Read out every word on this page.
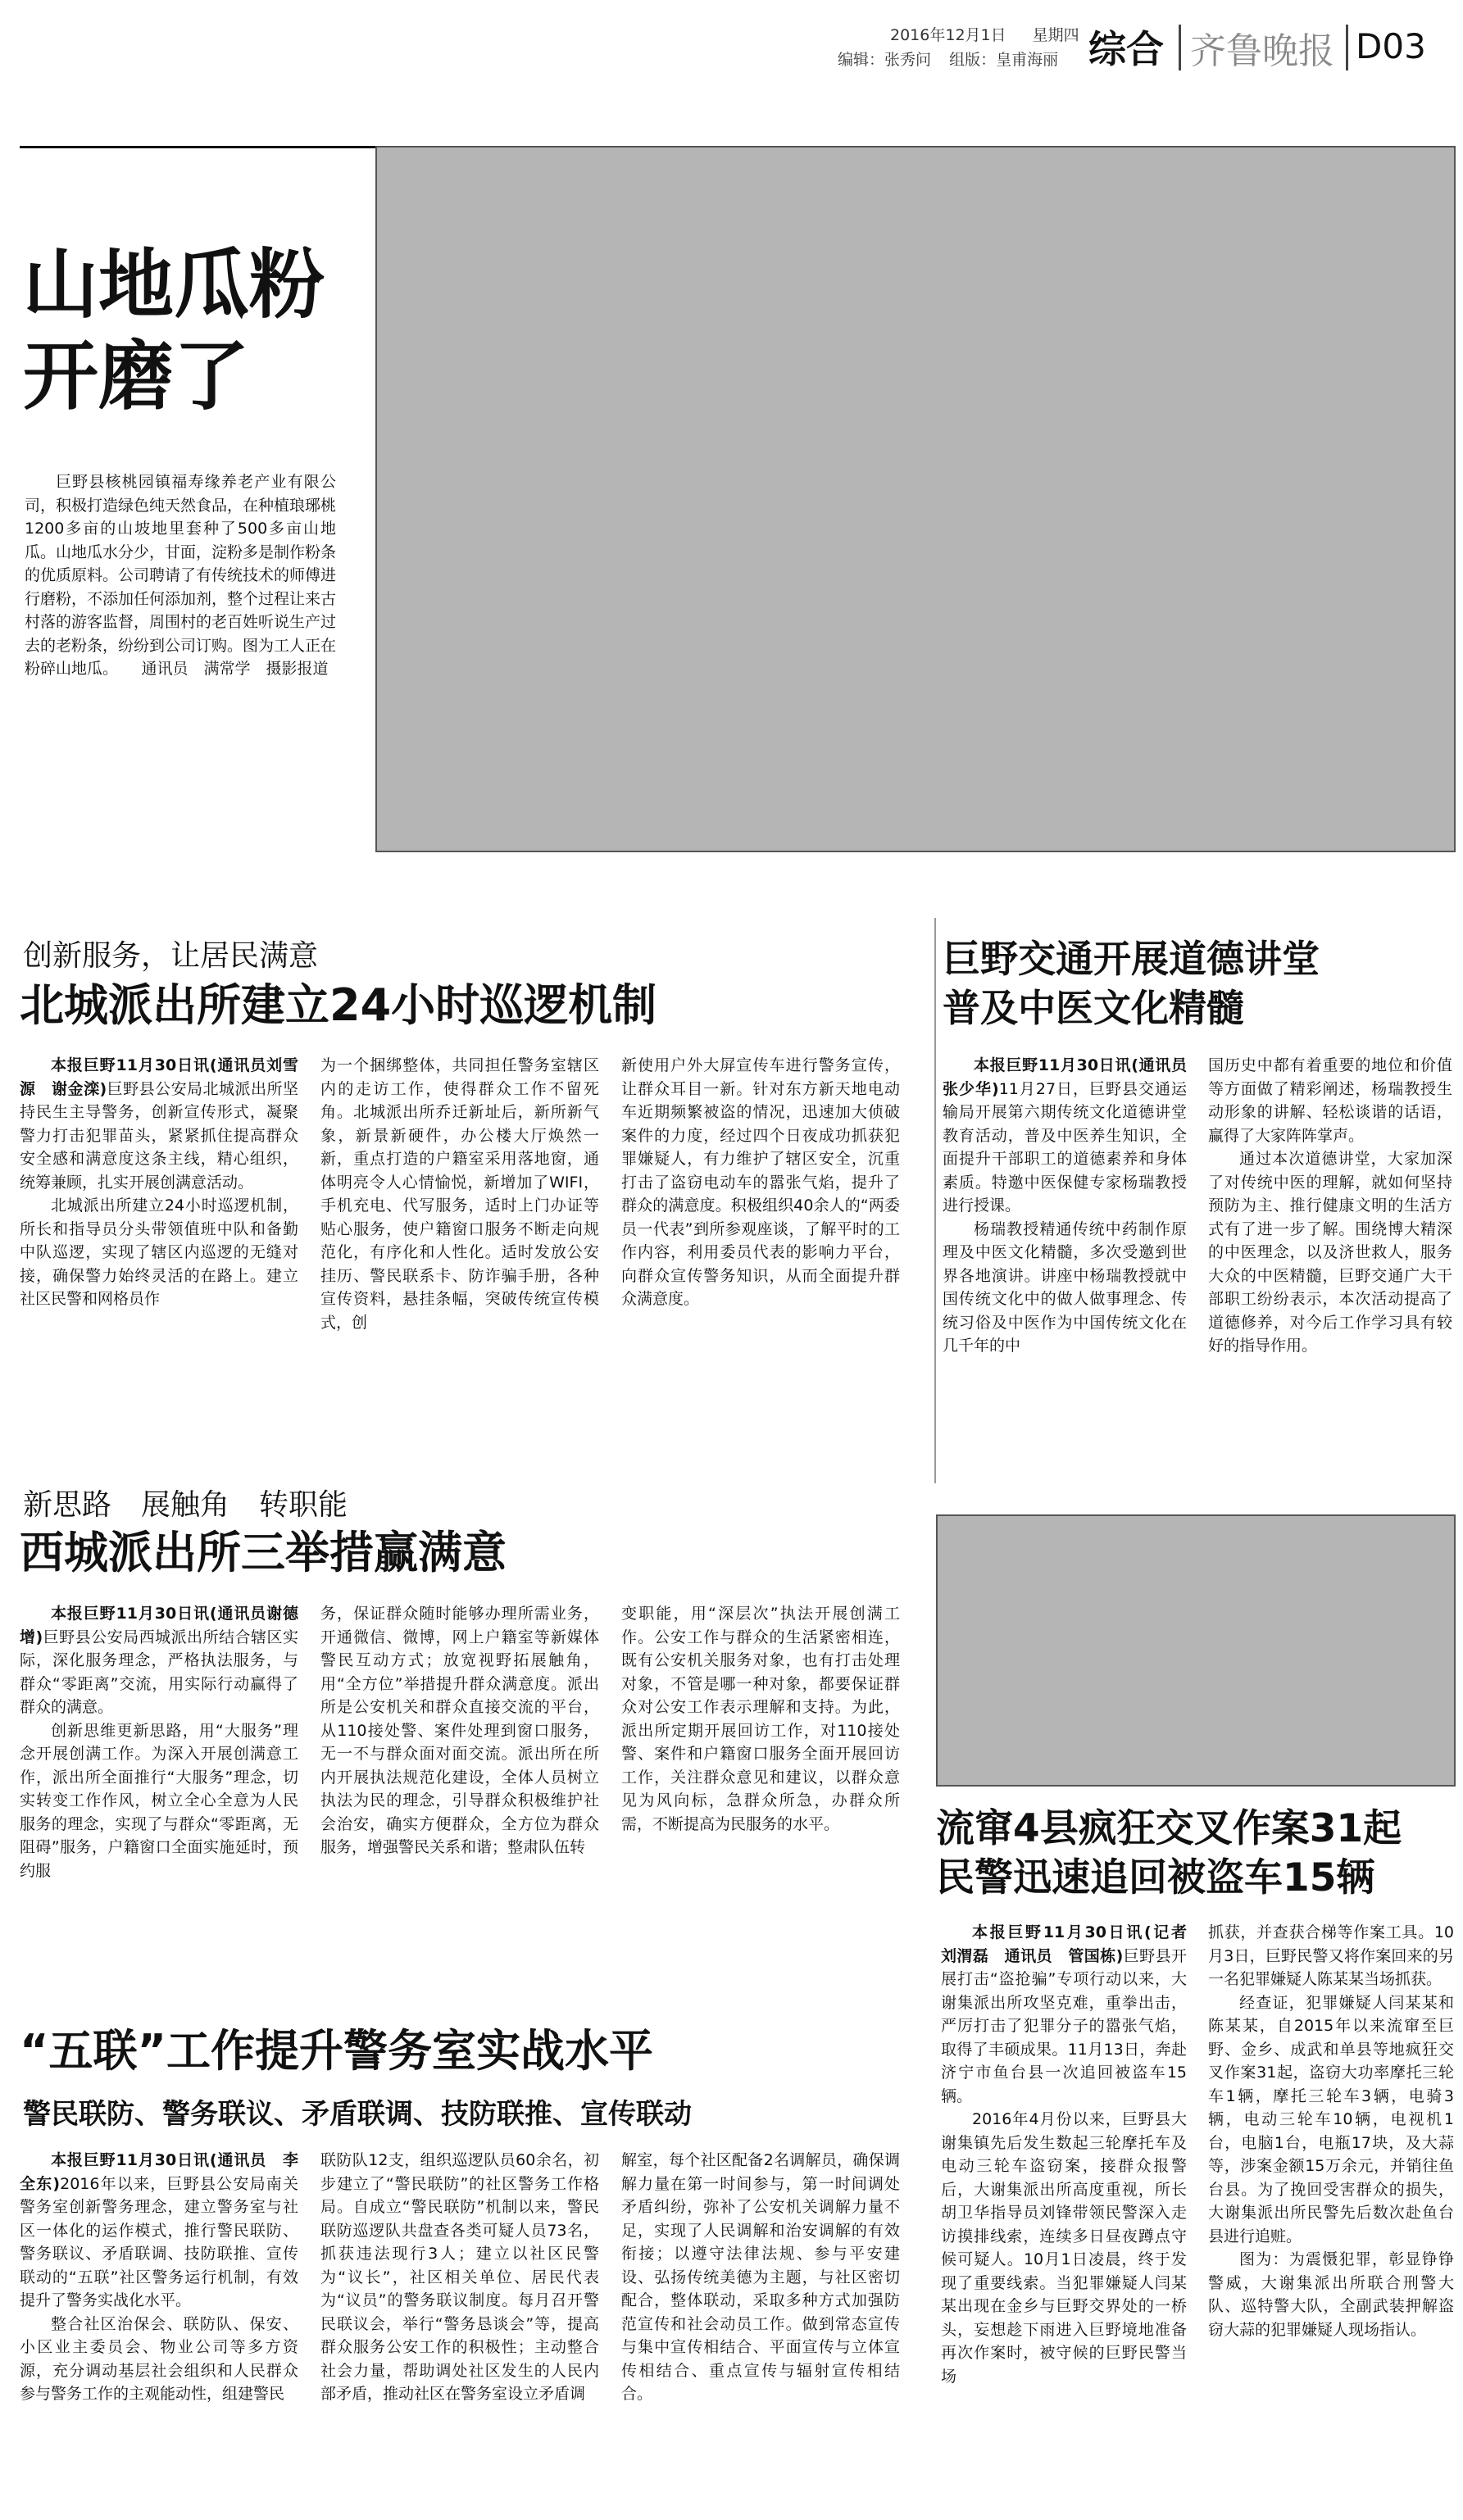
2016年12月1日 星期四
编辑：张秀问 组版：皇甫海丽 综合 齐鲁晚报 D03
山地瓜粉
开磨了

巨野县核桃园镇福寿缘养老产业有限公司，积极打造绿色纯天然食品，在种植琅琊桃1200多亩的山坡地里套种了500多亩山地瓜。山地瓜水分少，甘面，淀粉多是制作粉条的优质原料。公司聘请了有传统技术的师傅进行磨粉，不添加任何添加剂，整个过程让来古村落的游客监督，周围村的老百姓听说生产过去的老粉条，纷纷到公司订购。图为工人正在粉碎山地瓜。　　通讯员　满常学　摄影报道

创新服务，让居民满意
北城派出所建立24小时巡逻机制

本报巨野11月30日讯(通讯员刘雪源　谢金滦)巨野县公安局北城派出所坚持民生主导警务，创新宣传形式，凝聚警力打击犯罪苗头，紧紧抓住提高群众安全感和满意度这条主线，精心组织，统筹兼顾，扎实开展创满意活动。

北城派出所建立24小时巡逻机制，所长和指导员分头带领值班中队和备勤中队巡逻，实现了辖区内巡逻的无缝对接，确保警力始终灵活的在路上。建立社区民警和网格员作

为一个捆绑整体，共同担任警务室辖区内的走访工作，使得群众工作不留死角。北城派出所乔迁新址后，新所新气象，新景新硬件，办公楼大厅焕然一新，重点打造的户籍室采用落地窗，通体明亮令人心情愉悦，新增加了WIFI，手机充电、代写服务，适时上门办证等贴心服务，使户籍窗口服务不断走向规范化，有序化和人性化。适时发放公安挂历、警民联系卡、防诈骗手册，各种宣传资料，悬挂条幅，突破传统宣传模式，创

新使用户外大屏宣传车进行警务宣传，让群众耳目一新。针对东方新天地电动车近期频繁被盗的情况，迅速加大侦破案件的力度，经过四个日夜成功抓获犯罪嫌疑人，有力维护了辖区安全，沉重打击了盗窃电动车的嚣张气焰，提升了群众的满意度。积极组织40余人的“两委员一代表”到所参观座谈，了解平时的工作内容，利用委员代表的影响力平台，向群众宣传警务知识，从而全面提升群众满意度。

巨野交通开展道德讲堂
普及中医文化精髓

本报巨野11月30日讯(通讯员　张少华)11月27日，巨野县交通运输局开展第六期传统文化道德讲堂教育活动，普及中医养生知识，全面提升干部职工的道德素养和身体素质。特邀中医保健专家杨瑞教授进行授课。

杨瑞教授精通传统中药制作原理及中医文化精髓，多次受邀到世界各地演讲。讲座中杨瑞教授就中国传统文化中的做人做事理念、传统习俗及中医作为中国传统文化在几千年的中

国历史中都有着重要的地位和价值等方面做了精彩阐述，杨瑞教授生动形象的讲解、轻松谈谐的话语，赢得了大家阵阵掌声。

通过本次道德讲堂，大家加深了对传统中医的理解，就如何坚持预防为主、推行健康文明的生活方式有了进一步了解。围绕博大精深的中医理念，以及济世救人，服务大众的中医精髓，巨野交通广大干部职工纷纷表示，本次活动提高了道德修养，对今后工作学习具有较好的指导作用。

新思路　展触角　转职能
西城派出所三举措赢满意

本报巨野11月30日讯(通讯员谢德增)巨野县公安局西城派出所结合辖区实际，深化服务理念，严格执法服务，与群众“零距离”交流，用实际行动赢得了群众的满意。

创新思维更新思路，用“大服务”理念开展创满工作。为深入开展创满意工作，派出所全面推行“大服务”理念，切实转变工作作风，树立全心全意为人民服务的理念，实现了与群众“零距离，无阻碍”服务，户籍窗口全面实施延时，预约服

务，保证群众随时能够办理所需业务，开通微信、微博，网上户籍室等新媒体警民互动方式；放宽视野拓展触角，用“全方位”举措提升群众满意度。派出所是公安机关和群众直接交流的平台，从110接处警、案件处理到窗口服务，无一不与群众面对面交流。派出所在所内开展执法规范化建设，全体人员树立执法为民的理念，引导群众积极维护社会治安，确实方便群众，全方位为群众服务，增强警民关系和谐；整肃队伍转

变职能，用“深层次”执法开展创满工作。公安工作与群众的生活紧密相连，既有公安机关服务对象，也有打击处理对象，不管是哪一种对象，都要保证群众对公安工作表示理解和支持。为此，派出所定期开展回访工作，对110接处警、案件和户籍窗口服务全面开展回访工作，关注群众意见和建议，以群众意见为风向标，急群众所急，办群众所需，不断提高为民服务的水平。

“五联”工作提升警务室实战水平
警民联防、警务联议、矛盾联调、技防联推、宣传联动

本报巨野11月30日讯(通讯员　李全东)2016年以来，巨野县公安局南关警务室创新警务理念，建立警务室与社区一体化的运作模式，推行警民联防、警务联议、矛盾联调、技防联推、宣传联动的“五联”社区警务运行机制，有效提升了警务实战化水平。

整合社区治保会、联防队、保安、小区业主委员会、物业公司等多方资源，充分调动基层社会组织和人民群众参与警务工作的主观能动性，组建警民

联防队12支，组织巡逻队员60余名，初步建立了“警民联防”的社区警务工作格局。自成立“警民联防”机制以来，警民联防巡逻队共盘查各类可疑人员73名，抓获违法现行3人；建立以社区民警为“议长”，社区相关单位、居民代表为“议员”的警务联议制度。每月召开警民联议会，举行“警务恳谈会”等，提高群众服务公安工作的积极性；主动整合社会力量，帮助调处社区发生的人民内部矛盾，推动社区在警务室设立矛盾调

解室，每个社区配备2名调解员，确保调解力量在第一时间参与，第一时间调处矛盾纠纷，弥补了公安机关调解力量不足，实现了人民调解和治安调解的有效衔接；以遵守法律法规、参与平安建设、弘扬传统美德为主题，与社区密切配合，整体联动，采取多种方式加强防范宣传和社会动员工作。做到常态宣传与集中宣传相结合、平面宣传与立体宣传相结合、重点宣传与辐射宣传相结合。

流窜4县疯狂交叉作案31起
民警迅速追回被盗车15辆

本报巨野11月30日讯(记者　刘渭磊　通讯员　管国栋)巨野县开展打击“盗抢骗”专项行动以来，大谢集派出所攻坚克难，重拳出击，严厉打击了犯罪分子的嚣张气焰，取得了丰硕成果。11月13日，奔赴济宁市鱼台县一次追回被盗车15辆。

2016年4月份以来，巨野县大谢集镇先后发生数起三轮摩托车及电动三轮车盗窃案，接群众报警后，大谢集派出所高度重视，所长胡卫华指导员刘锋带领民警深入走访摸排线索，连续多日昼夜蹲点守候可疑人。10月1日凌晨，终于发现了重要线索。当犯罪嫌疑人闫某某出现在金乡与巨野交界处的一桥头，妄想趁下雨进入巨野境地准备再次作案时，被守候的巨野民警当场

抓获，并查获合梯等作案工具。10月3日，巨野民警又将作案回来的另一名犯罪嫌疑人陈某某当场抓获。

经查证，犯罪嫌疑人闫某某和陈某某，自2015年以来流窜至巨野、金乡、成武和单县等地疯狂交叉作案31起，盗窃大功率摩托三轮车1辆，摩托三轮车3辆，电骑3辆，电动三轮车10辆，电视机1台，电脑1台，电瓶17块，及大蒜等，涉案金额15万余元，并销往鱼台县。为了挽回受害群众的损失，大谢集派出所民警先后数次赴鱼台县进行追赃。

图为：为震慑犯罪，彰显铮铮警威，大谢集派出所联合刑警大队、巡特警大队，全副武装押解盗窃大蒜的犯罪嫌疑人现场指认。
